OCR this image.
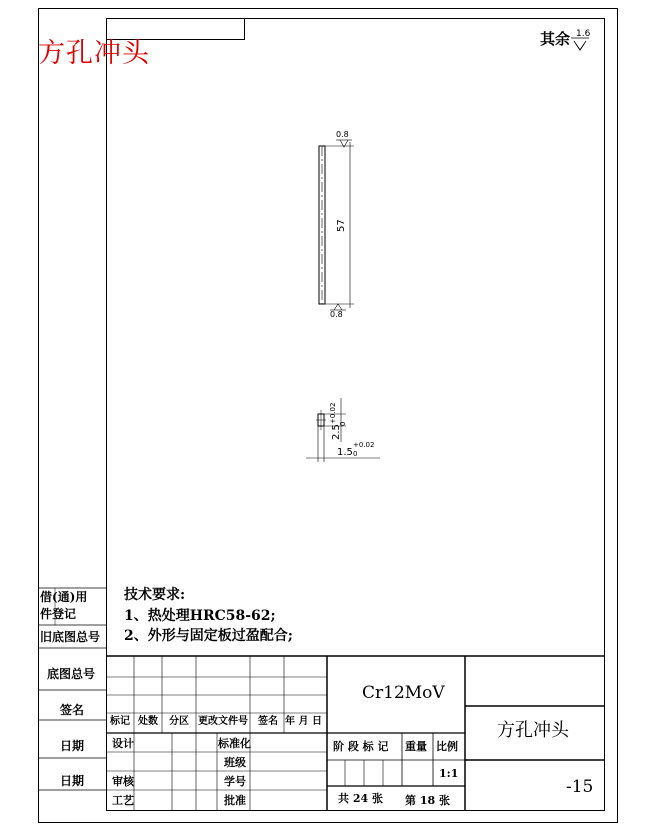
方孔冲头	其余 1.6
0.8
0.8
57
2.5
+0.02 0
1.5
+0.02
0
技术要求:
1、热处理HRC58-62;
2、外形与固定板过盈配合;
借(通)用
件登记
旧底图总号
底图总号
签名
日期
日期
Cr12MoV
方孔冲头
-15
标记 处数 分区 更改文件号 签名 年 月 日
设计	标准化
班级
审核	学号
工艺	批准
阶 段 标 记 重量 比例
1:1
共 24 张 第 18 张
